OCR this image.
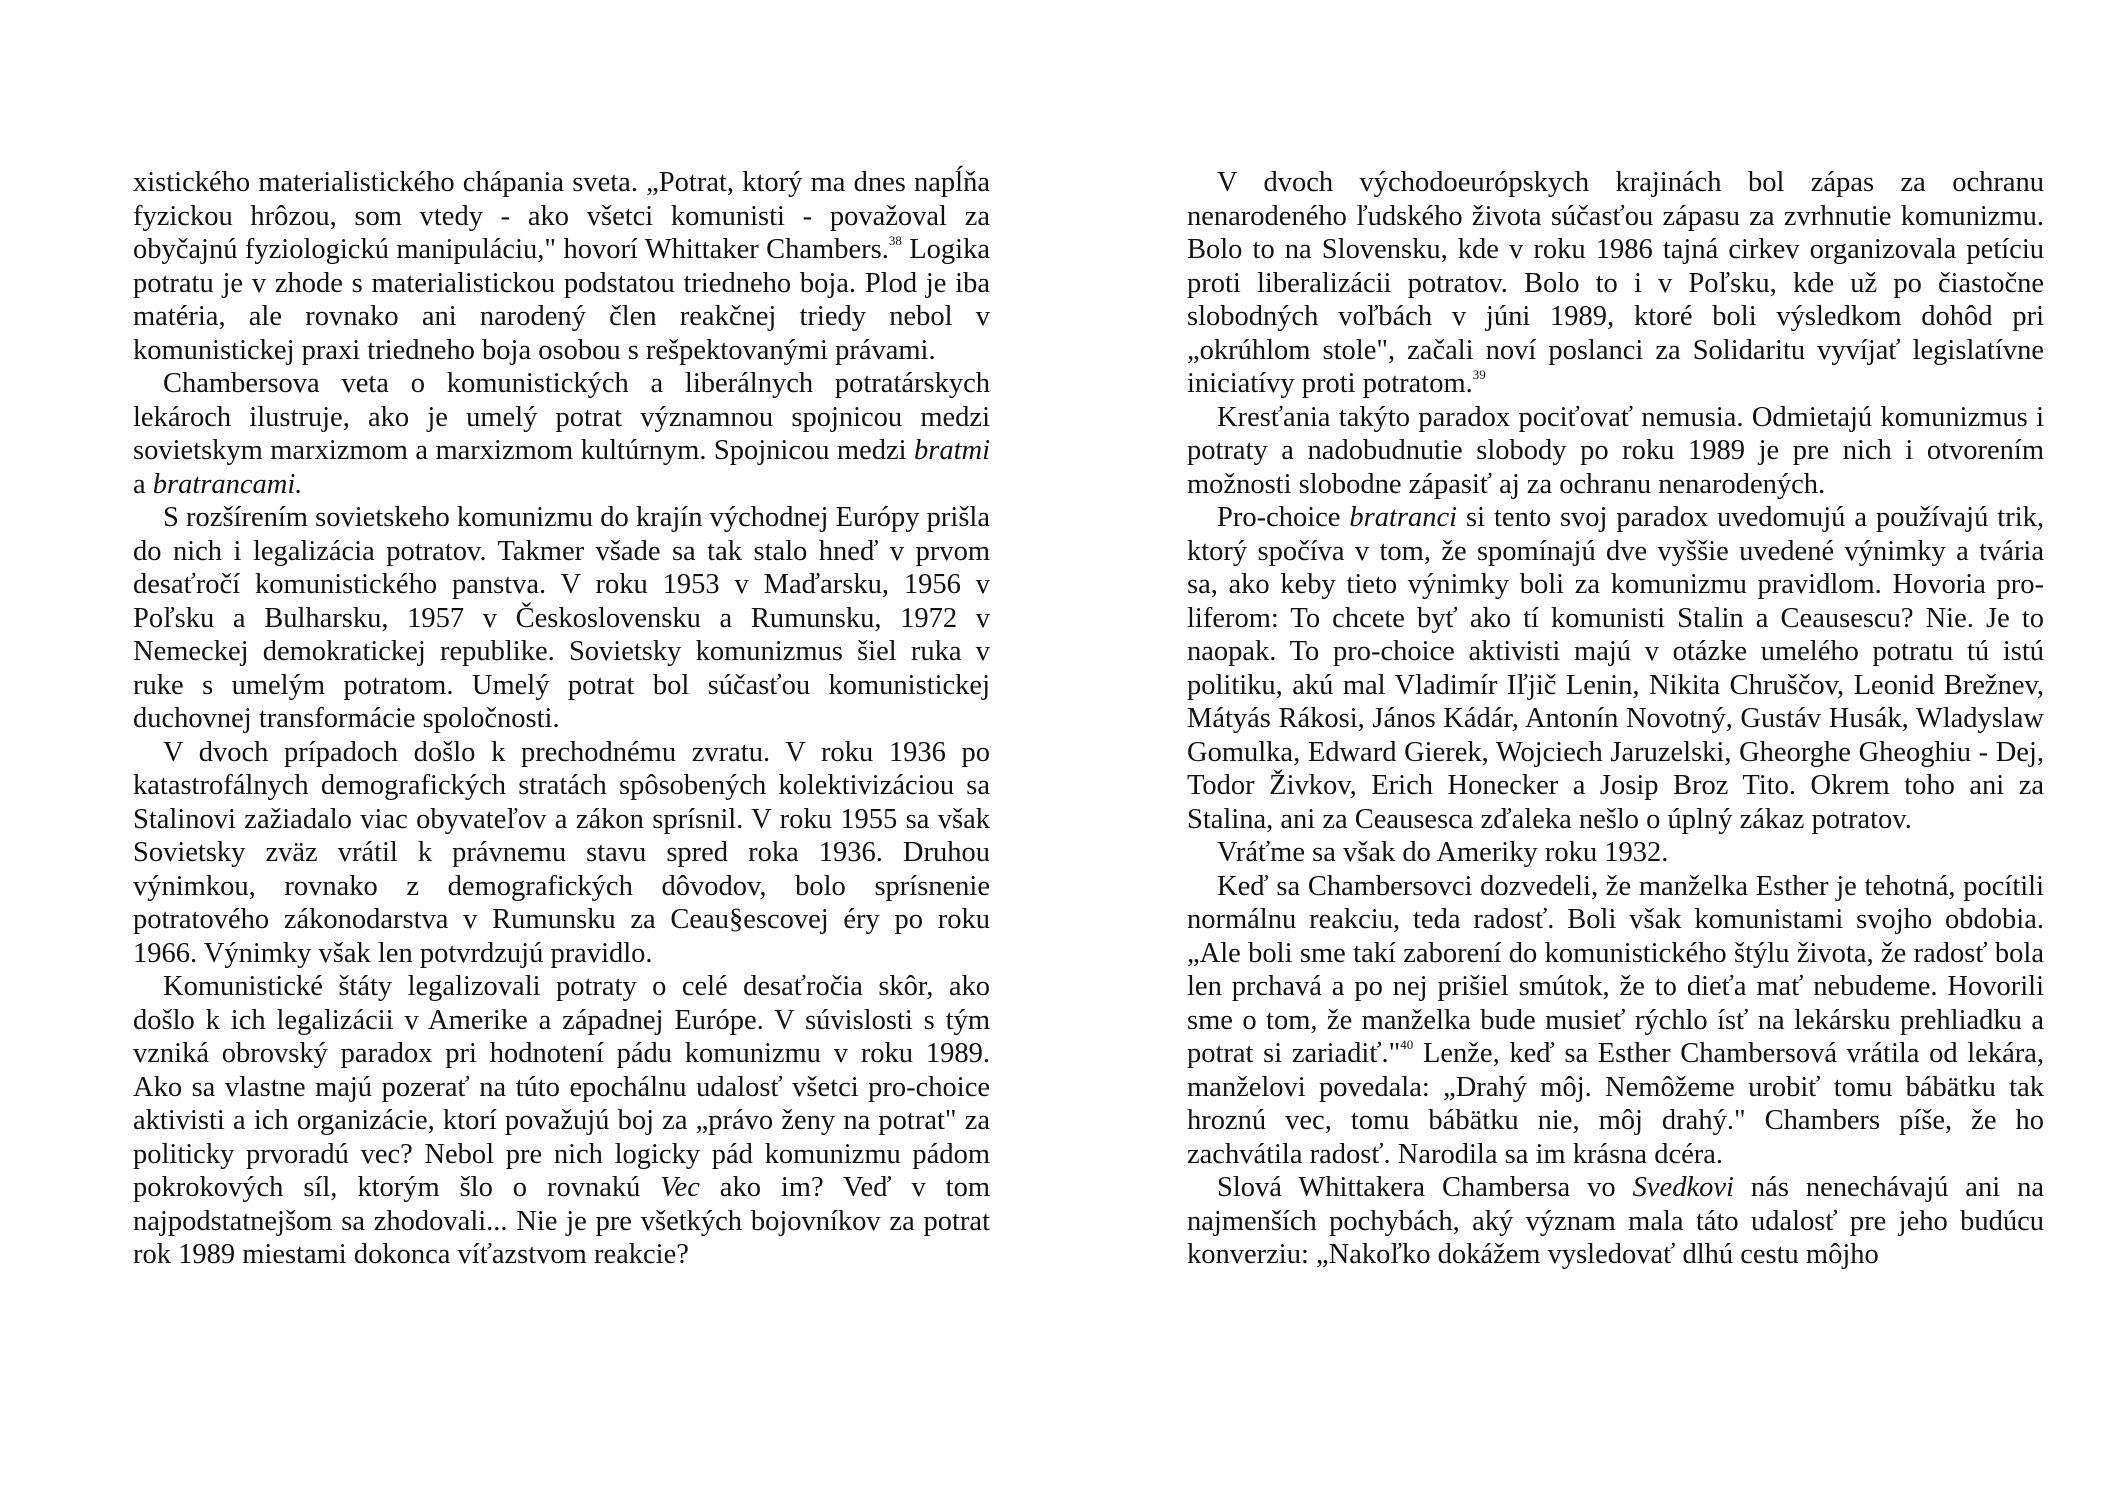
xistického materialistického chápania sveta. „Potrat, ktorý ma dnes napĺňa fyzickou hrôzou, som vtedy - ako všetci komunisti - považoval za obyčajnú fyziologickú manipuláciu," hovorí Whittaker Chambers.$^{38}$ Logika potratu je v zhode s materialistickou podstatou triedneho boja. Plod je iba matéria, ale rovnako ani narodený člen reakčnej triedy nebol v komunistickej praxi triedneho boja osobou s rešpektovanými právami.

Chambersova veta o komunistických a liberálnych potratárskych lekároch ilustruje, ako je umelý potrat významnou spojnicou medzi sovietskym marxizmom a marxizmom kultúrnym. Spojnicou medzi bratmi a bratrancami.

S rozšírením sovietskeho komunizmu do krajín východnej Európy prišla do nich i legalizácia potratov. Takmer všade sa tak stalo hneď v prvom desaťročí komunistického panstva. V roku 1953 v Maďarsku, 1956 v Poľsku a Bulharsku, 1957 v Československu a Rumunsku, 1972 v Nemeckej demokratickej republike. Sovietsky komunizmus šiel ruka v ruke s umelým potratom. Umelý potrat bol súčasťou komunistickej duchovnej transformácie spoločnosti.

V dvoch prípadoch došlo k prechodnému zvratu. V roku 1936 po katastrofálnych demografických stratách spôsobených kolektivizáciou sa Stalinovi zažiadalo viac obyvateľov a zákon sprísnil. V roku 1955 sa však Sovietsky zväz vrátil k právnemu stavu spred roka 1936. Druhou výnimkou, rovnako z demografických dôvodov, bolo sprísnenie potratového zákonodarstva v Rumunsku za Ceau§escovej éry po roku 1966. Výnimky však len potvrdzujú pravidlo.

Komunistické štáty legalizovali potraty o celé desaťročia skôr, ako došlo k ich legalizácii v Amerike a západnej Európe. V súvislosti s tým vzniká obrovský paradox pri hodnotení pádu komunizmu v roku 1989. Ako sa vlastne majú pozerať na túto epochálnu udalosť všetci pro-choice aktivisti a ich organizácie, ktorí považujú boj za „právo ženy na potrat" za politicky prvoradú vec? Nebol pre nich logicky pád komunizmu pádom pokrokových síl, ktorým šlo o rovnakú Vec ako im? Veď v tom najpodstatnejšom sa zhodovali... Nie je pre všetkých bojovníkov za potrat rok 1989 miestami dokonca víťazstvom reakcie?

V dvoch východoeurópskych krajinách bol zápas za ochranu nenarodeného ľudského života súčasťou zápasu za zvrhnutie komunizmu. Bolo to na Slovensku, kde v roku 1986 tajná cirkev organizovala petíciu proti liberalizácii potratov. Bolo to i v Poľsku, kde už po čiastočne slobodných voľbách v júni 1989, ktoré boli výsledkom dohôd pri „okrúhlom stole", začali noví poslanci za Solidaritu vyvíjať legislatívne iniciatívy proti potratom.$^{39}$

Kresťania takýto paradox pociťovať nemusia. Odmietajú komunizmus i potraty a nadobudnutie slobody po roku 1989 je pre nich i otvorením možnosti slobodne zápasiť aj za ochranu nenarodených.

Pro-choice bratranci si tento svoj paradox uvedomujú a používajú trik, ktorý spočíva v tom, že spomínajú dve vyššie uvedené výnimky a tvária sa, ako keby tieto výnimky boli za komunizmu pravidlom. Hovoria pro-liferom: To chcete byť ako tí komunisti Stalin a Ceausescu? Nie. Je to naopak. To pro-choice aktivisti majú v otázke umelého potratu tú istú politiku, akú mal Vladimír Iľjič Lenin, Nikita Chruščov, Leonid Brežnev, Mátyás Rákosi, János Kádár, Antonín Novotný, Gustáv Husák, Wladyslaw Gomulka, Edward Gierek, Wojciech Jaruzelski, Gheorghe Gheoghiu - Dej, Todor Živkov, Erich Honecker a Josip Broz Tito. Okrem toho ani za Stalina, ani za Ceausesca zďaleka nešlo o úplný zákaz potratov.

Vráťme sa však do Ameriky roku 1932.

Keď sa Chambersovci dozvedeli, že manželka Esther je tehotná, pocítili normálnu reakciu, teda radosť. Boli však komunistami svojho obdobia. „Ale boli sme takí zaborení do komunistického štýlu života, že radosť bola len prchavá a po nej prišiel smútok, že to dieťa mať nebudeme. Hovorili sme o tom, že manželka bude musieť rýchlo ísť na lekársku prehliadku a potrat si zariadiť."$^{40}$ Lenže, keď sa Esther Chambersová vrátila od lekára, manželovi povedala: „Drahý môj. Nemôžeme urobiť tomu bábätku tak hroznú vec, tomu bábätku nie, môj drahý." Chambers píše, že ho zachvátila radosť. Narodila sa im krásna dcéra.

Slová Whittakera Chambersa vo Svedkovi nás nenechávajú ani na najmenších pochybách, aký význam mala táto udalosť pre jeho budúcu konverziu: „Nakoľko dokážem vysledovať dlhú cestu môjho
